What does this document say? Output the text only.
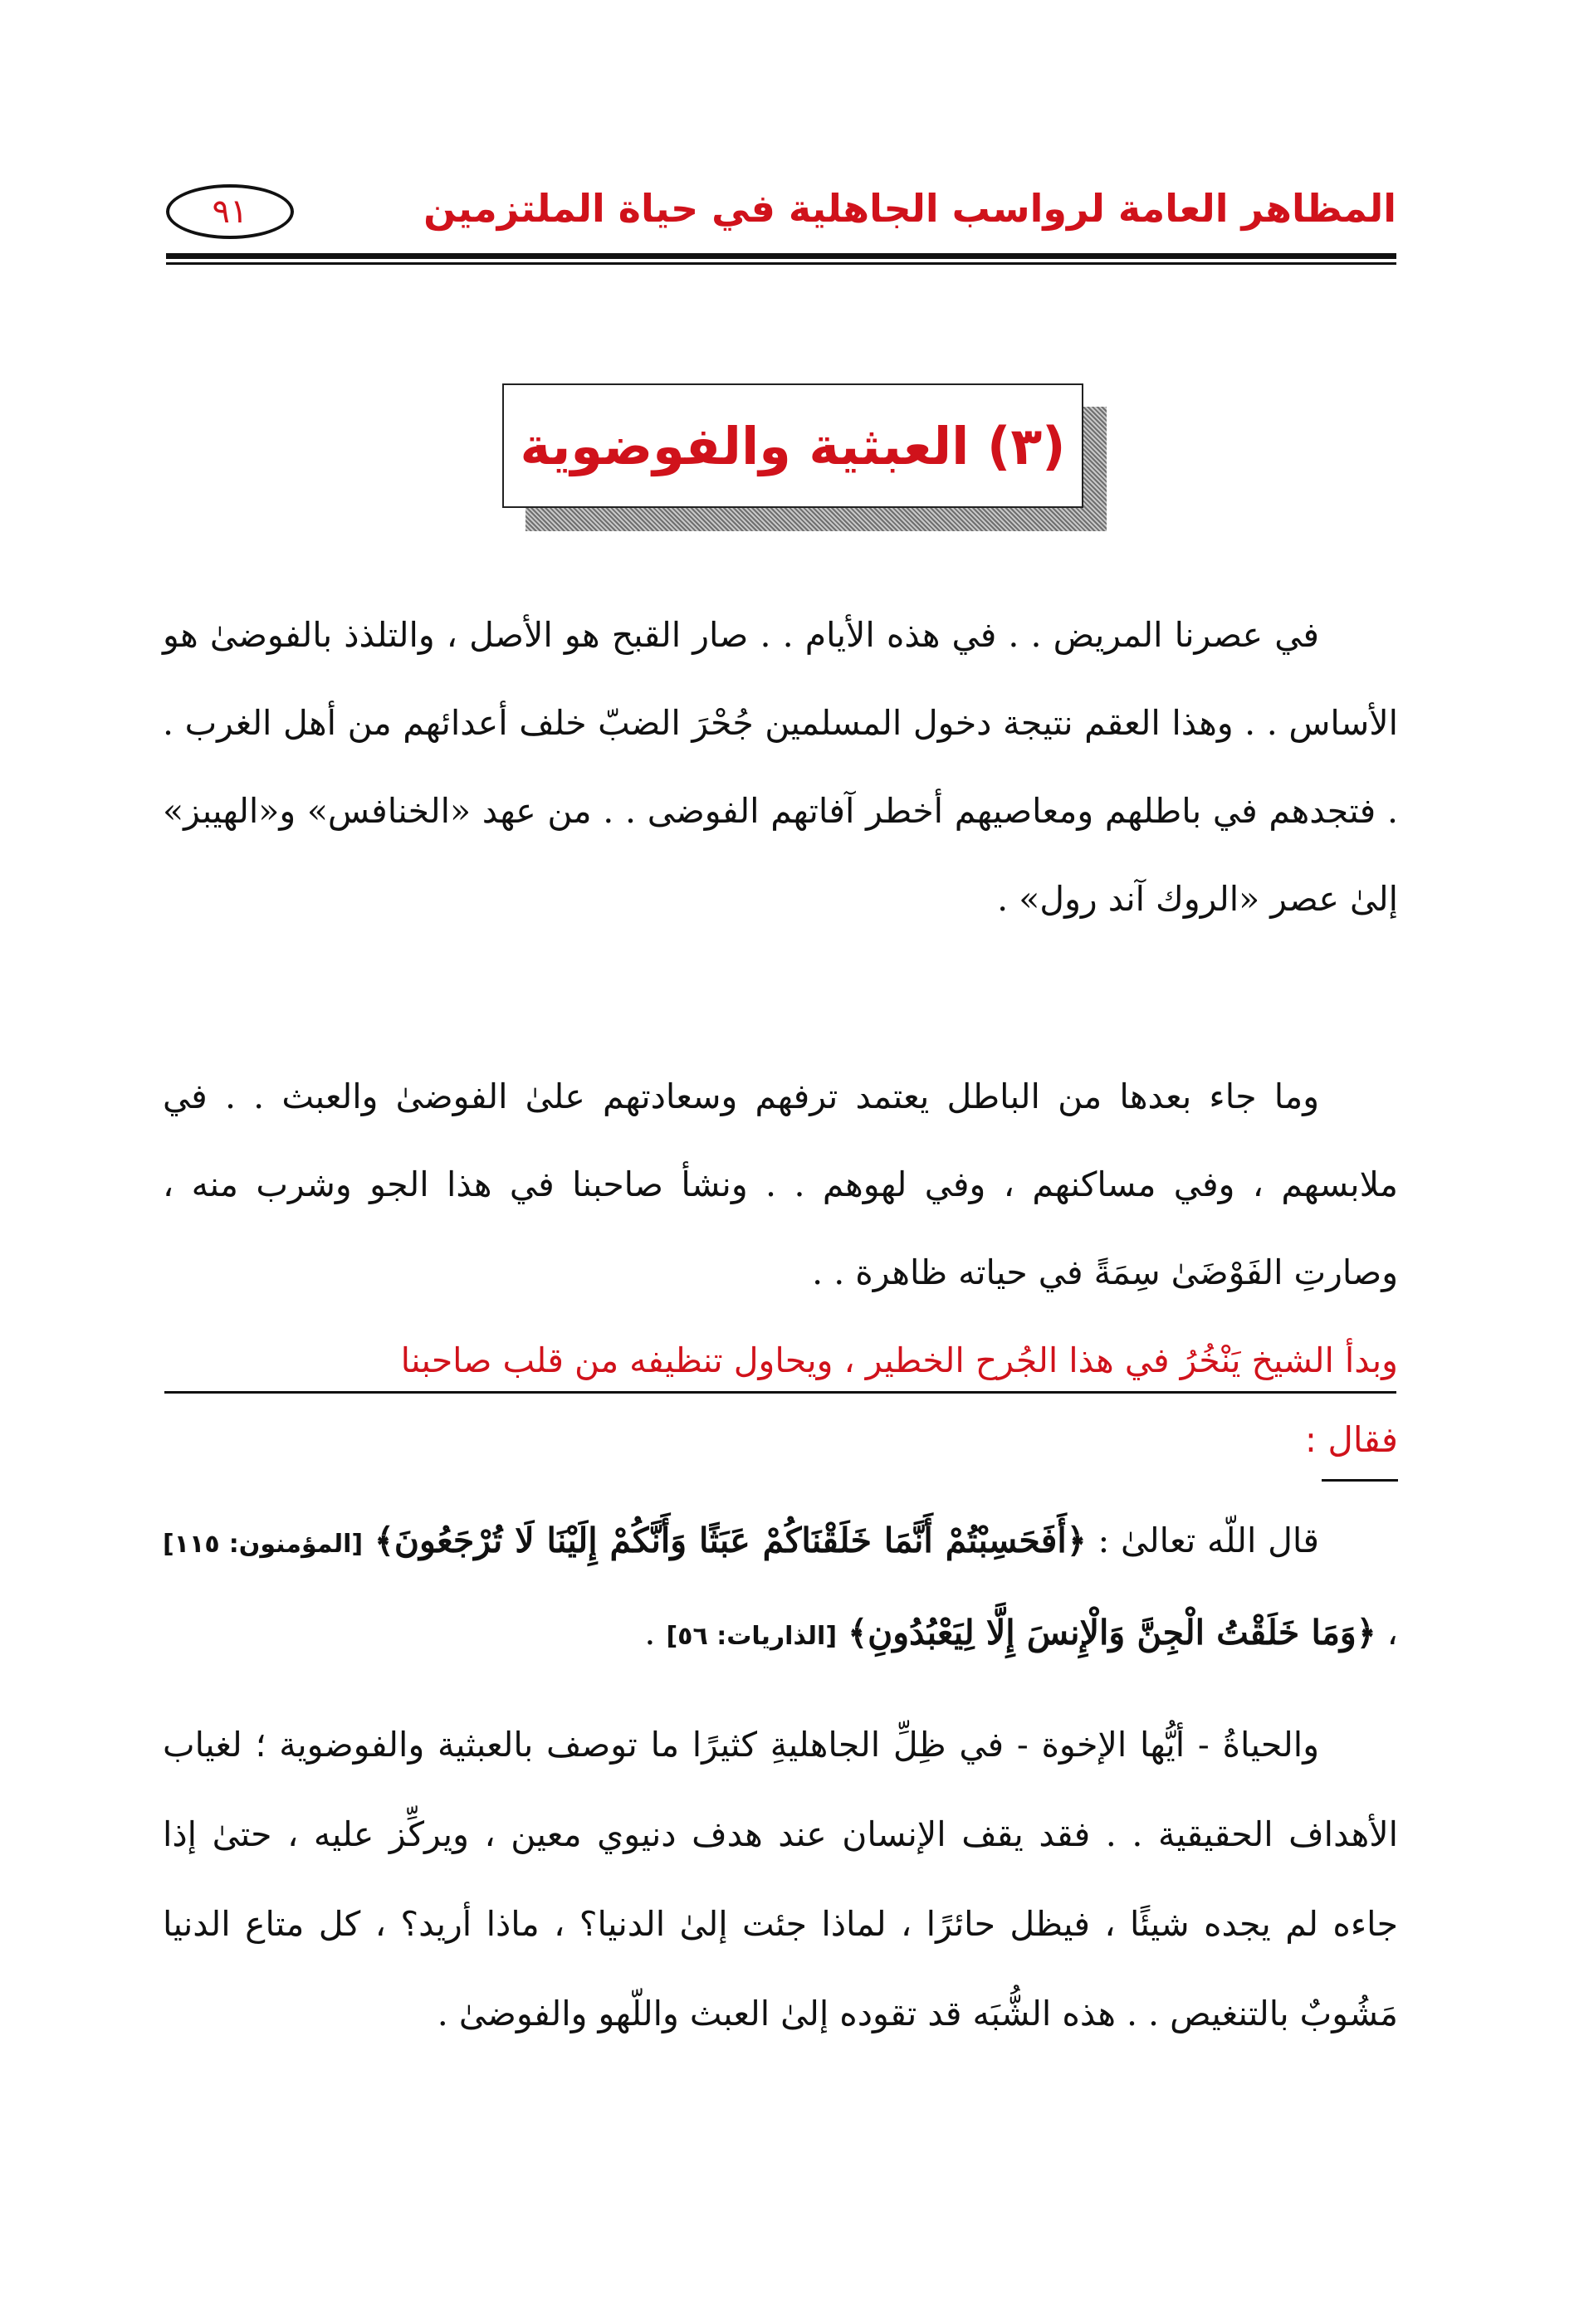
المظاهر العامة لرواسب الجاهلية في حياة الملتزمين
٩١
(٣) العبثية والفوضوية

في عصرنا المريض . . في هذه الأيام . . صار القبح هو الأصل ، والتلذذ بالفوضىٰ هو الأساس . . وهذا العقم نتيجة دخول المسلمين جُحْرَ الضبّ خلف أعدائهم من أهل الغرب . . فتجدهم في باطلهم ومعاصيهم أخطر آفاتهم الفوضى . . من عهد «الخنافس» و«الهيبز» إلىٰ عصر «الروك آند رول» .

وما جاء بعدها من الباطل يعتمد ترفهم وسعادتهم علىٰ الفوضىٰ والعبث . . في ملابسهم ، وفي مساكنهم ، وفي لهوهم . . ونشأ صاحبنا في هذا الجو وشرب منه ، وصارتِ الفَوْضَىٰ سِمَةً في حياته ظاهرة . .
وبدأ الشيخ يَنْخُرُ في هذا الجُرح الخطير ، ويحاول تنظيفه من قلب صاحبنا

فقال :

قال اللّه تعالىٰ : ﴿أَفَحَسِبْتُمْ أَنَّمَا خَلَقْنَاكُمْ عَبَثًا وَأَنَّكُمْ إِلَيْنَا لَا تُرْجَعُونَ﴾ [المؤمنون: ١١٥] ، ﴿وَمَا خَلَقْتُ الْجِنَّ وَالْإِنسَ إِلَّا لِيَعْبُدُونِ﴾ [الذاريات: ٥٦] .

والحياةُ - أيُّها الإخوة - في ظِلِّ الجاهليةِ كثيرًا ما توصف بالعبثية والفوضوية ؛ لغياب الأهداف الحقيقية . . فقد يقف الإنسان عند هدف دنيوي معين ، ويركِّز عليه ، حتىٰ إذا جاءه لم يجده شيئًا ، فيظل حائرًا ، لماذا جئت إلىٰ الدنيا؟ ، ماذا أريد؟ ، كل متاع الدنيا مَشُوبٌ بالتنغيص . . هذه الشُّبَه قد تقوده إلىٰ العبث واللّهو والفوضىٰ .
